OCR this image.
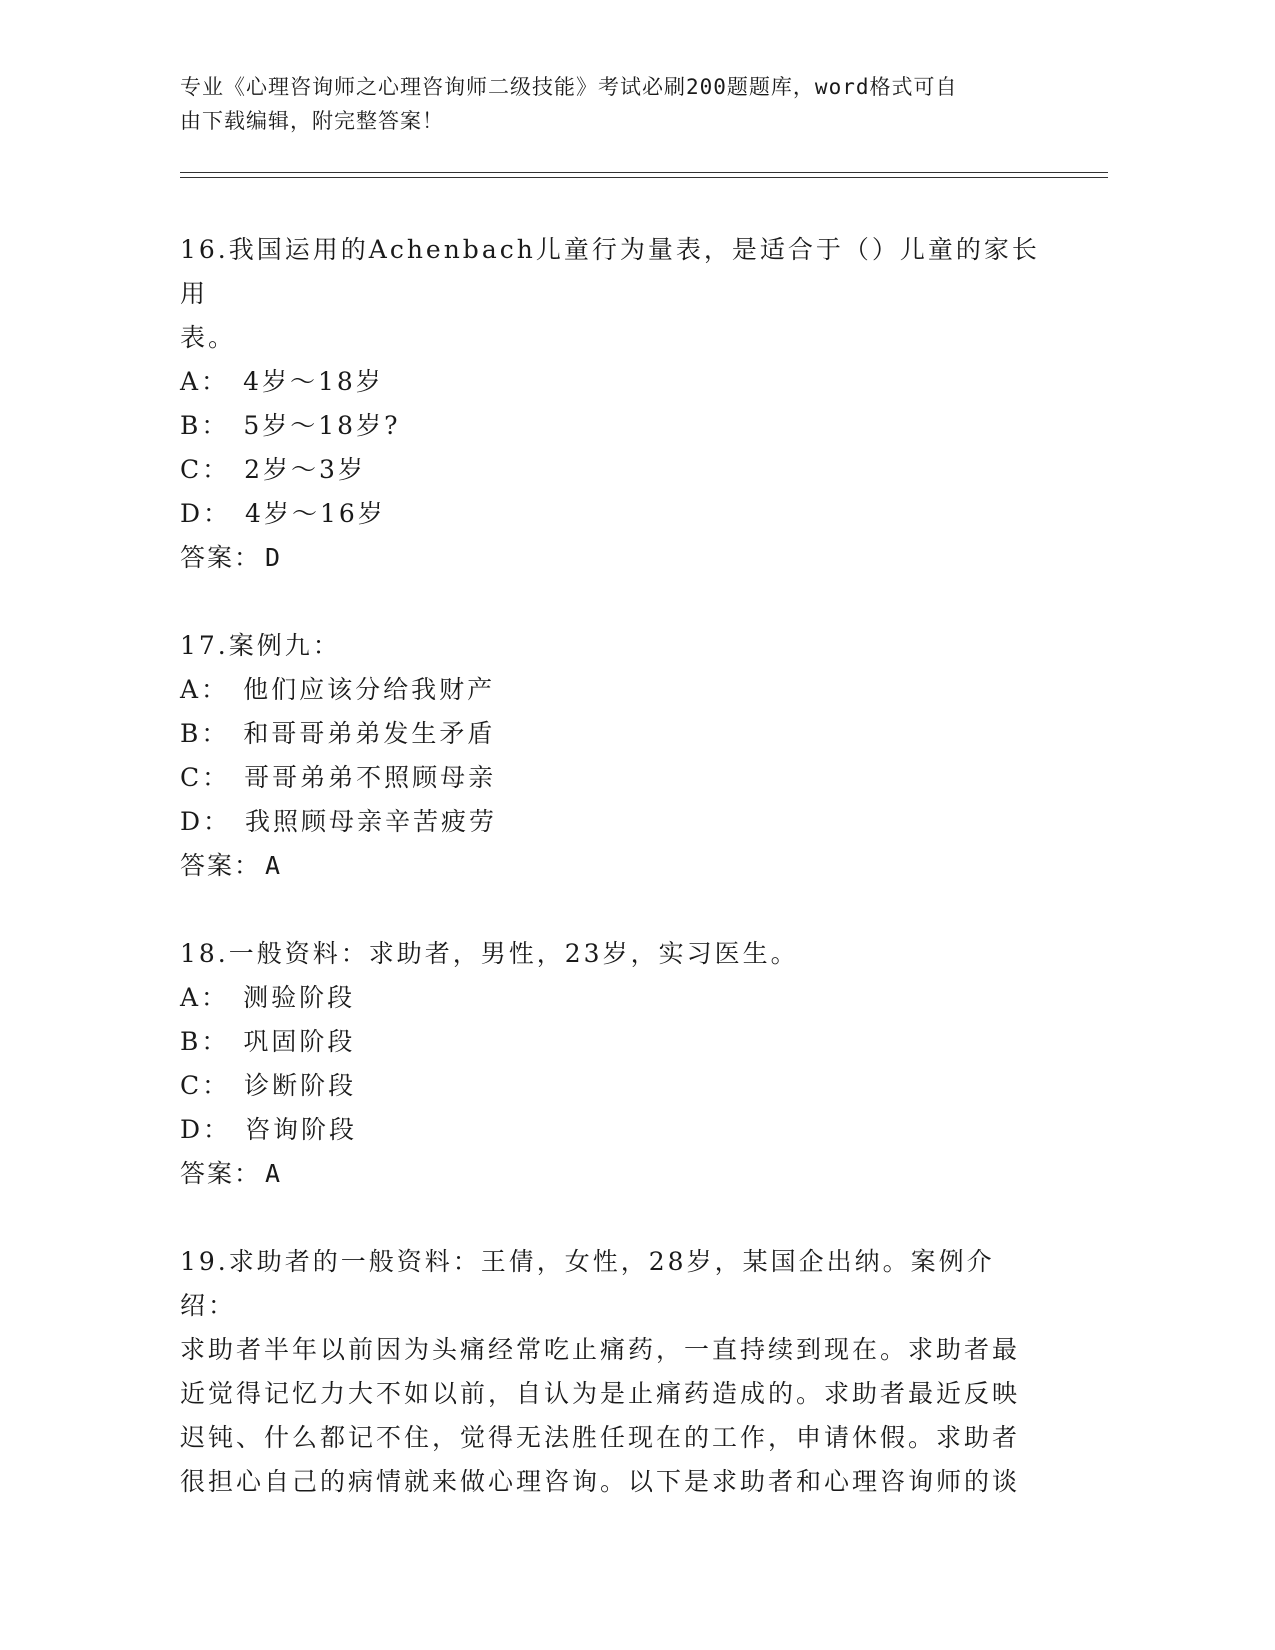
专业《心理咨询师之心理咨询师二级技能》考试必刷200题题库，word格式可自
由下载编辑，附完整答案！

16.我国运用的Achenbach儿童行为量表，是适合于（）儿童的家长用

表。

A： 4岁～18岁
B： 5岁～18岁?
C： 2岁～3岁
D： 4岁～16岁

答案： D

17.案例九：

A： 他们应该分给我财产
B： 和哥哥弟弟发生矛盾
C： 哥哥弟弟不照顾母亲
D： 我照顾母亲辛苦疲劳

答案： A

18.一般资料：求助者，男性，23岁，实习医生。

A： 测验阶段
B： 巩固阶段
C： 诊断阶段
D： 咨询阶段

答案： A

19.求助者的一般资料：王倩，女性，28岁，某国企出纳。案例介绍：

求助者半年以前因为头痛经常吃止痛药，一直持续到现在。求助者最

近觉得记忆力大不如以前，自认为是止痛药造成的。求助者最近反映

迟钝、什么都记不住，觉得无法胜任现在的工作，申请休假。求助者

很担心自己的病情就来做心理咨询。以下是求助者和心理咨询师的谈
